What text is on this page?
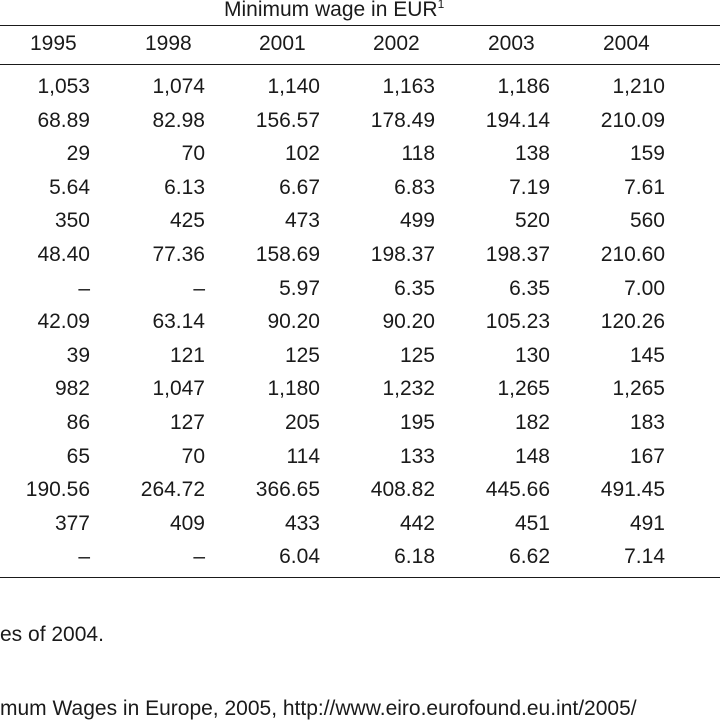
Minimum wage in EUR$^1$
1995	1998	2001	2002	2003	2004
1,053	1,074	1,140	1,163	1,186	1,210
68.89	82.98 156.57 178.49 194.14 210.09
29	70	102	118	138	159
5.64	6.13	6.67	6.83	7.19	7.61
350	425	473	499	520	560
48.40	77.36 158.69 198.37 198.37 210.60
–	–	5.97	6.35	6.35	7.00
42.09	63.14	90.20	90.20 105.23 120.26
39	121	125	125	130	145
982	1,047	1,180	1,232	1,265	1,265
86	127	205	195	182	183
65	70	114	133	148	167
190.56 264.72 366.65 408.82 445.66 491.45
377	409	433	442	451	491
–	–	6.04	6.18	6.62	7.14
es of 2004.
mum Wages in Europe, 2005, http://www.eiro.eurofound.eu.int/2005/
